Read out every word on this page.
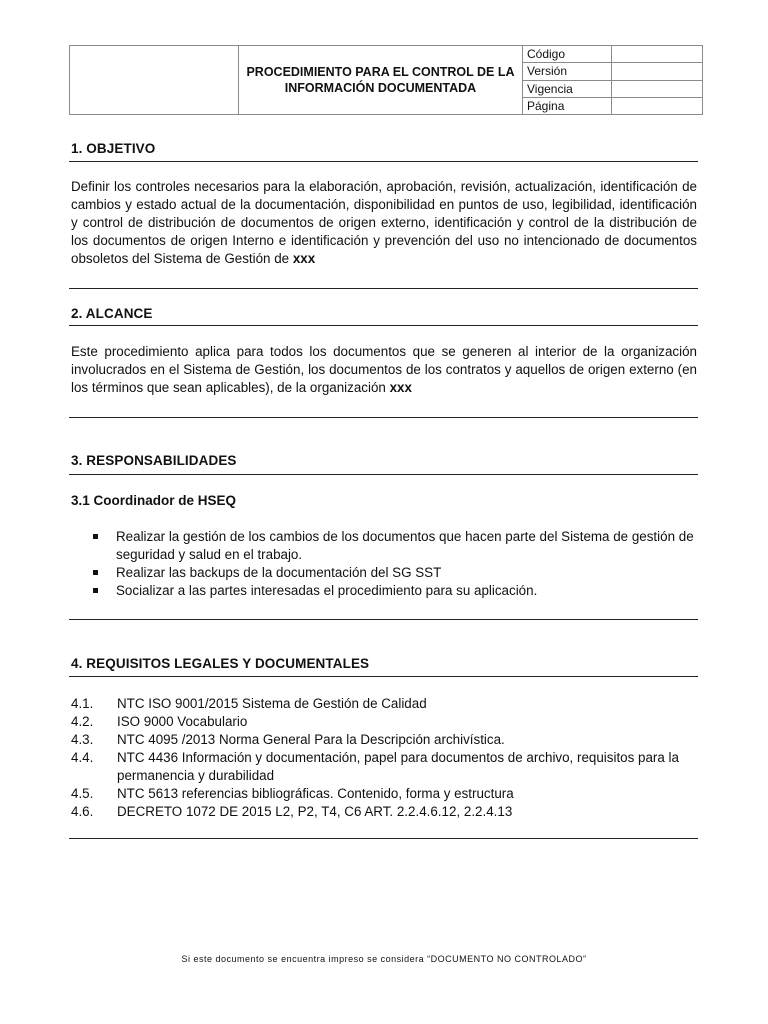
	PROCEDIMIENTO PARA EL CONTROL DE LA
INFORMACIÓN DOCUMENTADA	Código	
		Versión	
		Vigencia	
		Página	
1. OBJETIVO

Definir los controles necesarios para la elaboración, aprobación, revisión, actualización, identificación de cambios y estado actual de la documentación, disponibilidad en puntos de uso, legibilidad, identificación y control de distribución de documentos de origen externo, identificación y control de la distribución de los documentos de origen Interno e identificación y prevención del uso no intencionado de documentos obsoletos del Sistema de Gestión de xxx

2. ALCANCE

Este procedimiento aplica para todos los documentos que se generen al interior de la organización involucrados en el Sistema de Gestión, los documentos de los contratos y aquellos de origen externo (en los términos que sean aplicables), de la organización xxx

3. RESPONSABILIDADES
3.1 Coordinador de HSEQ
Realizar la gestión de los cambios de los documentos que hacen parte del Sistema de gestión de seguridad y salud en el trabajo.
Realizar las backups de la documentación del SG SST
Socializar a las partes interesadas el procedimiento para su aplicación.
4. REQUISITOS LEGALES Y DOCUMENTALES
4.1. NTC ISO 9001/2015 Sistema de Gestión de Calidad
4.2. ISO 9000 Vocabulario
4.3. NTC 4095 /2013 Norma General Para la Descripción archivística.
4.4. NTC 4436 Información y documentación, papel para documentos de archivo, requisitos para la permanencia y durabilidad
4.5. NTC 5613 referencias bibliográficas. Contenido, forma y estructura
4.6. DECRETO 1072 DE 2015 L2, P2, T4, C6 ART. 2.2.4.6.12, 2.2.4.13
Si este documento se encuentra impreso se considera “DOCUMENTO NO CONTROLADO”
